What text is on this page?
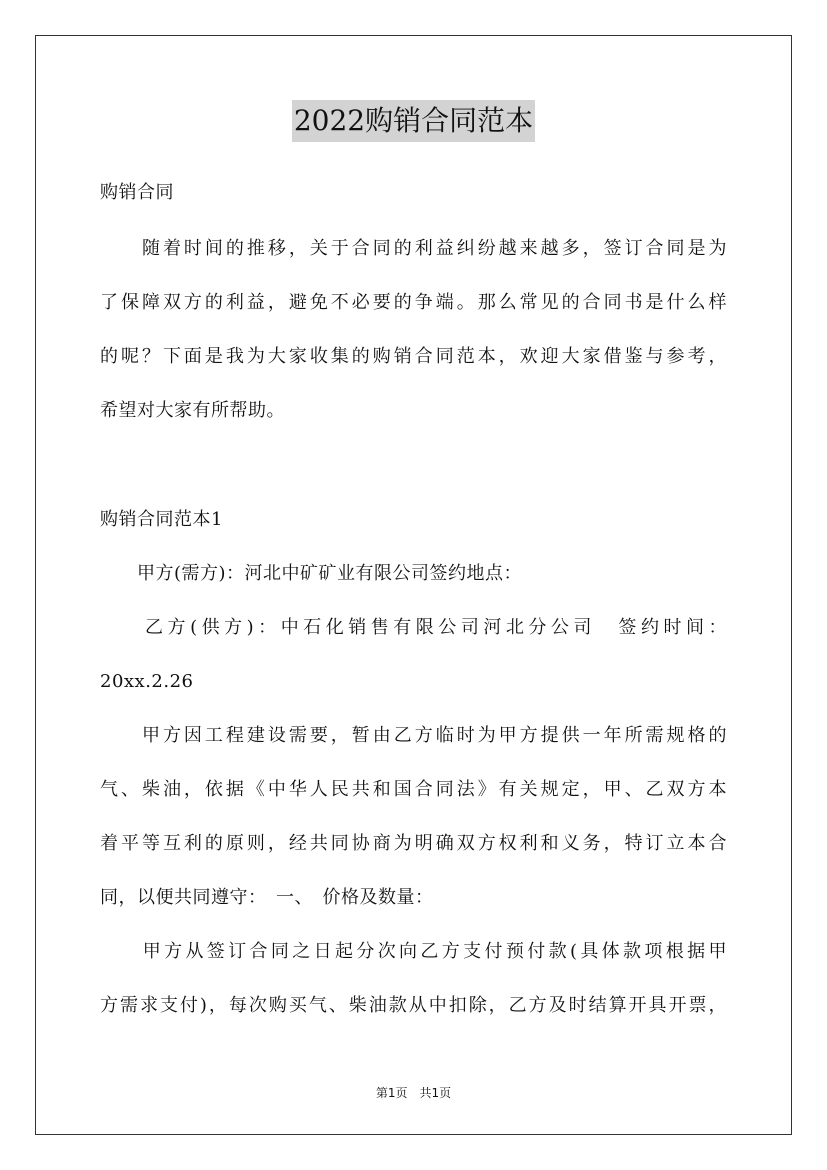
2022购销合同范本
购销合同
　　随着时间的推移，关于合同的利益纠纷越来越多，签订合同是为
了保障双方的利益，避免不必要的争端。那么常见的合同书是什么样
的呢？下面是我为大家收集的购销合同范本，欢迎大家借鉴与参考，
希望对大家有所帮助。
购销合同范本1
　　甲方(需方)：河北中矿矿业有限公司签约地点：
　　乙方(供方)：中石化销售有限公司河北分公司　签约时间：
20xx.2.26
　　甲方因工程建设需要，暂由乙方临时为甲方提供一年所需规格的
气、柴油，依据《中华人民共和国合同法》有关规定，甲、乙双方本
着平等互利的原则，经共同协商为明确双方权利和义务，特订立本合
同，以便共同遵守：　一、　价格及数量：
　　甲方从签订合同之日起分次向乙方支付预付款(具体款项根据甲
方需求支付)，每次购买气、柴油款从中扣除，乙方及时结算开具开票，
第1页　共1页
